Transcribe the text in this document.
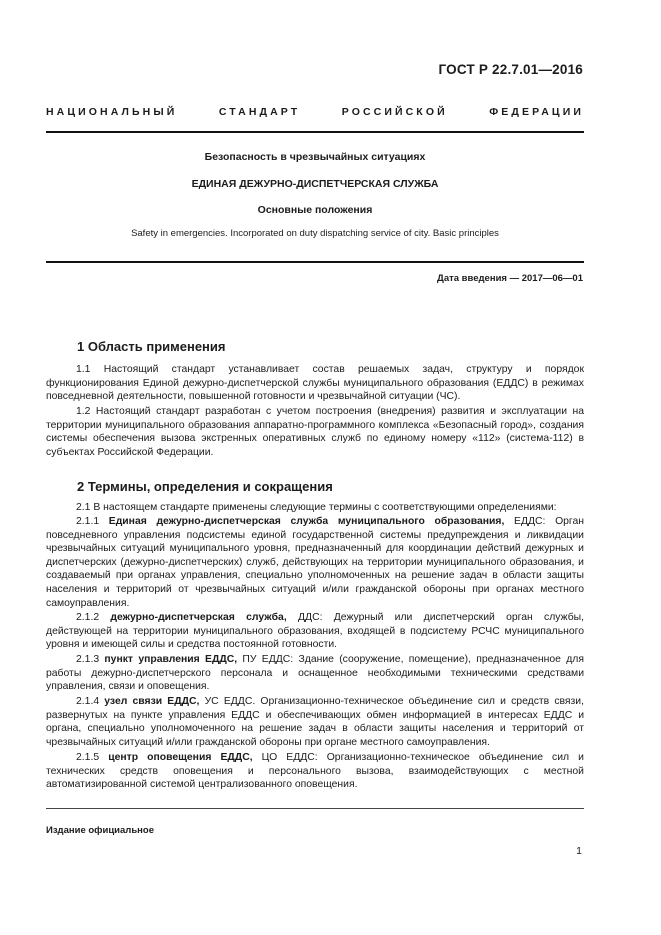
ГОСТ Р 22.7.01—2016
НАЦИОНАЛЬНЫЙ СТАНДАРТ РОССИЙСКОЙ ФЕДЕРАЦИИ
Безопасность в чрезвычайных ситуациях
ЕДИНАЯ ДЕЖУРНО-ДИСПЕТЧЕРСКАЯ СЛУЖБА
Основные положения
Safety in emergencies. Incorporated on duty dispatching service of city. Basic principles
Дата введения — 2017—06—01
1 Область применения
1.1 Настоящий стандарт устанавливает состав решаемых задач, структуру и порядок функционирования Единой дежурно-диспетчерской службы муниципального образования (ЕДДС) в режимах повседневной деятельности, повышенной готовности и чрезвычайной ситуации (ЧС).
1.2 Настоящий стандарт разработан с учетом построения (внедрения) развития и эксплуатации на территории муниципального образования аппаратно-программного комплекса «Безопасный город», создания системы обеспечения вызова экстренных оперативных служб по единому номеру «112» (система-112) в субъектах Российской Федерации.
2 Термины, определения и сокращения
2.1 В настоящем стандарте применены следующие термины с соответствующими определениями:
2.1.1 Единая дежурно-диспетчерская служба муниципального образования, ЕДДС: Орган повседневного управления подсистемы единой государственной системы предупреждения и ликвидации чрезвычайных ситуаций муниципального уровня, предназначенный для координации действий дежурных и диспетчерских (дежурно-диспетчерских) служб, действующих на территории муниципального образования, и создаваемый при органах управления, специально уполномоченных на решение задач в области защиты населения и территорий от чрезвычайных ситуаций и/или гражданской обороны при органах местного самоуправления.
2.1.2 дежурно-диспетчерская служба, ДДС: Дежурный или диспетчерский орган службы, действующей на территории муниципального образования, входящей в подсистему РСЧС муниципального уровня и имеющей силы и средства постоянной готовности.
2.1.3 пункт управления ЕДДС, ПУ ЕДДС: Здание (сооружение, помещение), предназначенное для работы дежурно-диспетчерского персонала и оснащенное необходимыми техническими средствами управления, связи и оповещения.
2.1.4 узел связи ЕДДС, УС ЕДДС. Организационно-техническое объединение сил и средств связи, развернутых на пункте управления ЕДДС и обеспечивающих обмен информацией в интересах ЕДДС и органа, специально уполномоченного на решение задач в области защиты населения и территорий от чрезвычайных ситуаций и/или гражданской обороны при органе местного самоуправления.
2.1.5 центр оповещения ЕДДС, ЦО ЕДДС: Организационно-техническое объединение сил и технических средств оповещения и персонального вызова, взаимодействующих с местной автоматизированной системой централизованного оповещения.
Издание официальное
1
